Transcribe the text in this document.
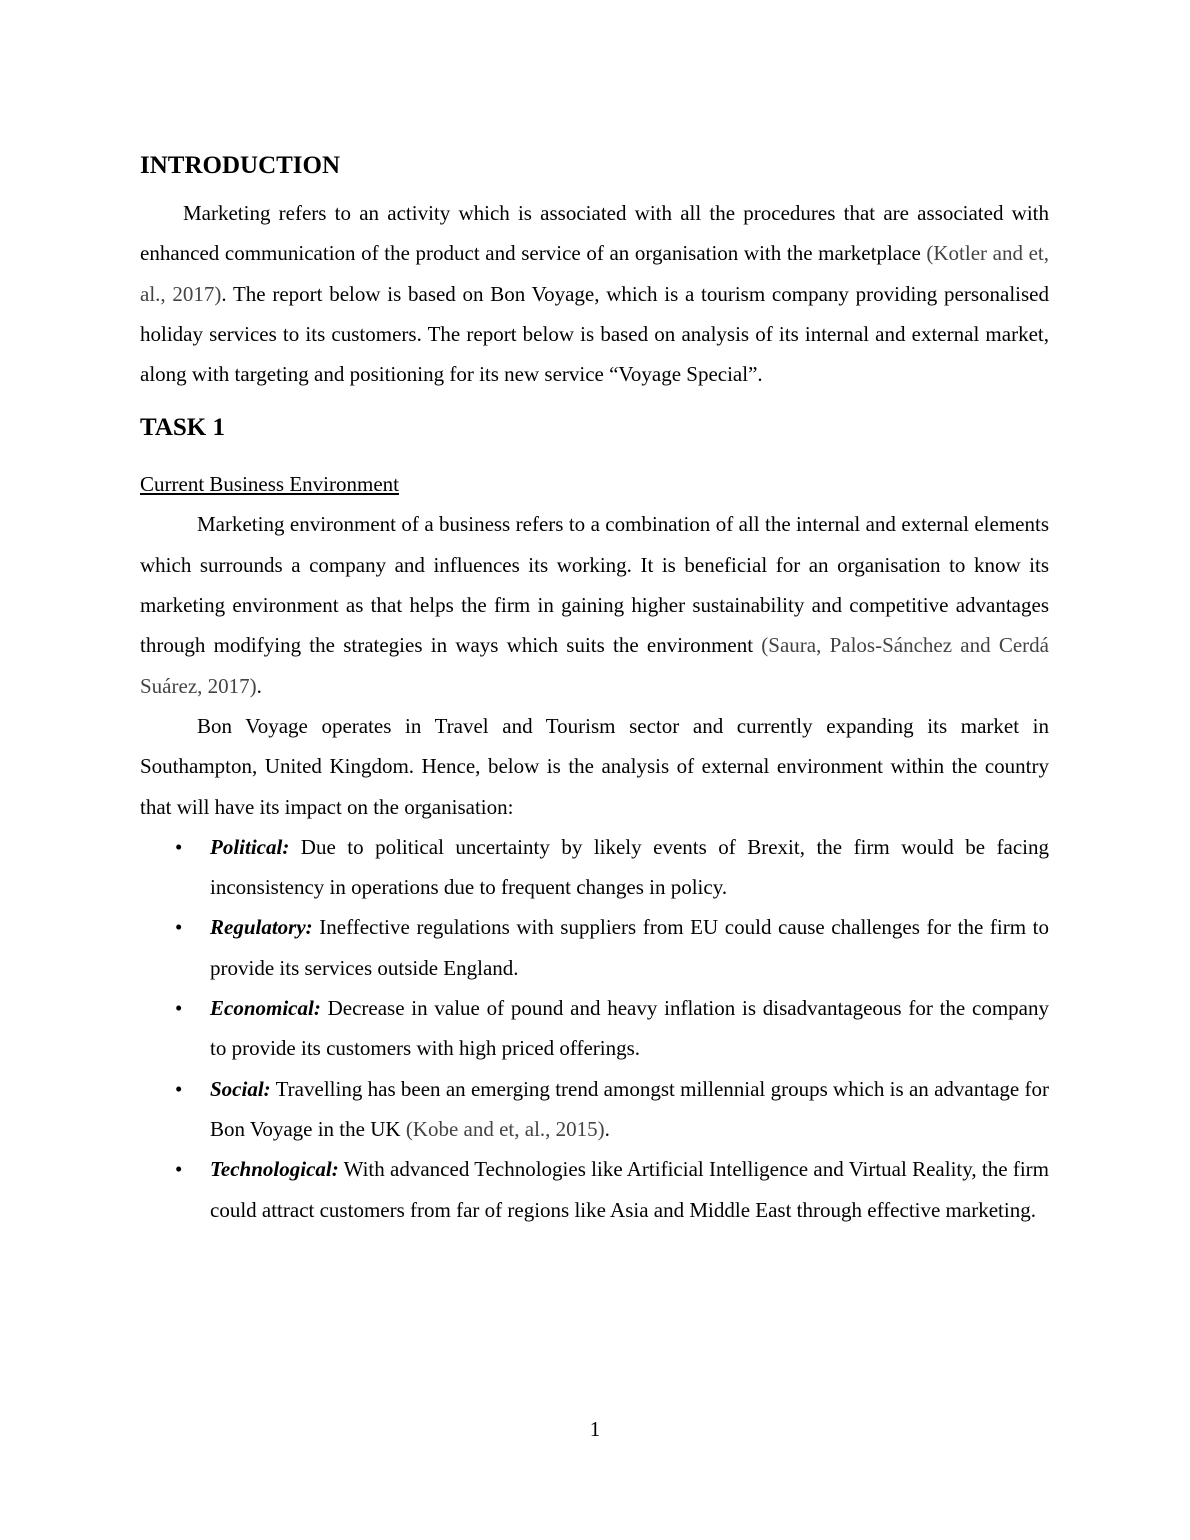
INTRODUCTION

Marketing refers to an activity which is associated with all the procedures that are associated with enhanced communication of the product and service of an organisation with the marketplace (Kotler and et, al., 2017). The report below is based on Bon Voyage, which is a tourism company providing personalised holiday services to its customers. The report below is based on analysis of its internal and external market, along with targeting and positioning for its new service “Voyage Special”.

TASK 1

Current Business Environment

Marketing environment of a business refers to a combination of all the internal and external elements which surrounds a company and influences its working. It is beneficial for an organisation to know its marketing environment as that helps the firm in gaining higher sustainability and competitive advantages through modifying the strategies in ways which suits the environment (Saura, Palos-Sánchez and Cerdá Suárez, 2017).

Bon Voyage operates in Travel and Tourism sector and currently expanding its market in Southampton, United Kingdom. Hence, below is the analysis of external environment within the country that will have its impact on the organisation:

• Political: Due to political uncertainty by likely events of Brexit, the firm would be facing inconsistency in operations due to frequent changes in policy.
• Regulatory: Ineffective regulations with suppliers from EU could cause challenges for the firm to provide its services outside England.
• Economical: Decrease in value of pound and heavy inflation is disadvantageous for the company to provide its customers with high priced offerings.
• Social: Travelling has been an emerging trend amongst millennial groups which is an advantage for Bon Voyage in the UK (Kobe and et, al., 2015).
• Technological: With advanced Technologies like Artificial Intelligence and Virtual Reality, the firm could attract customers from far of regions like Asia and Middle East through effective marketing.
1
